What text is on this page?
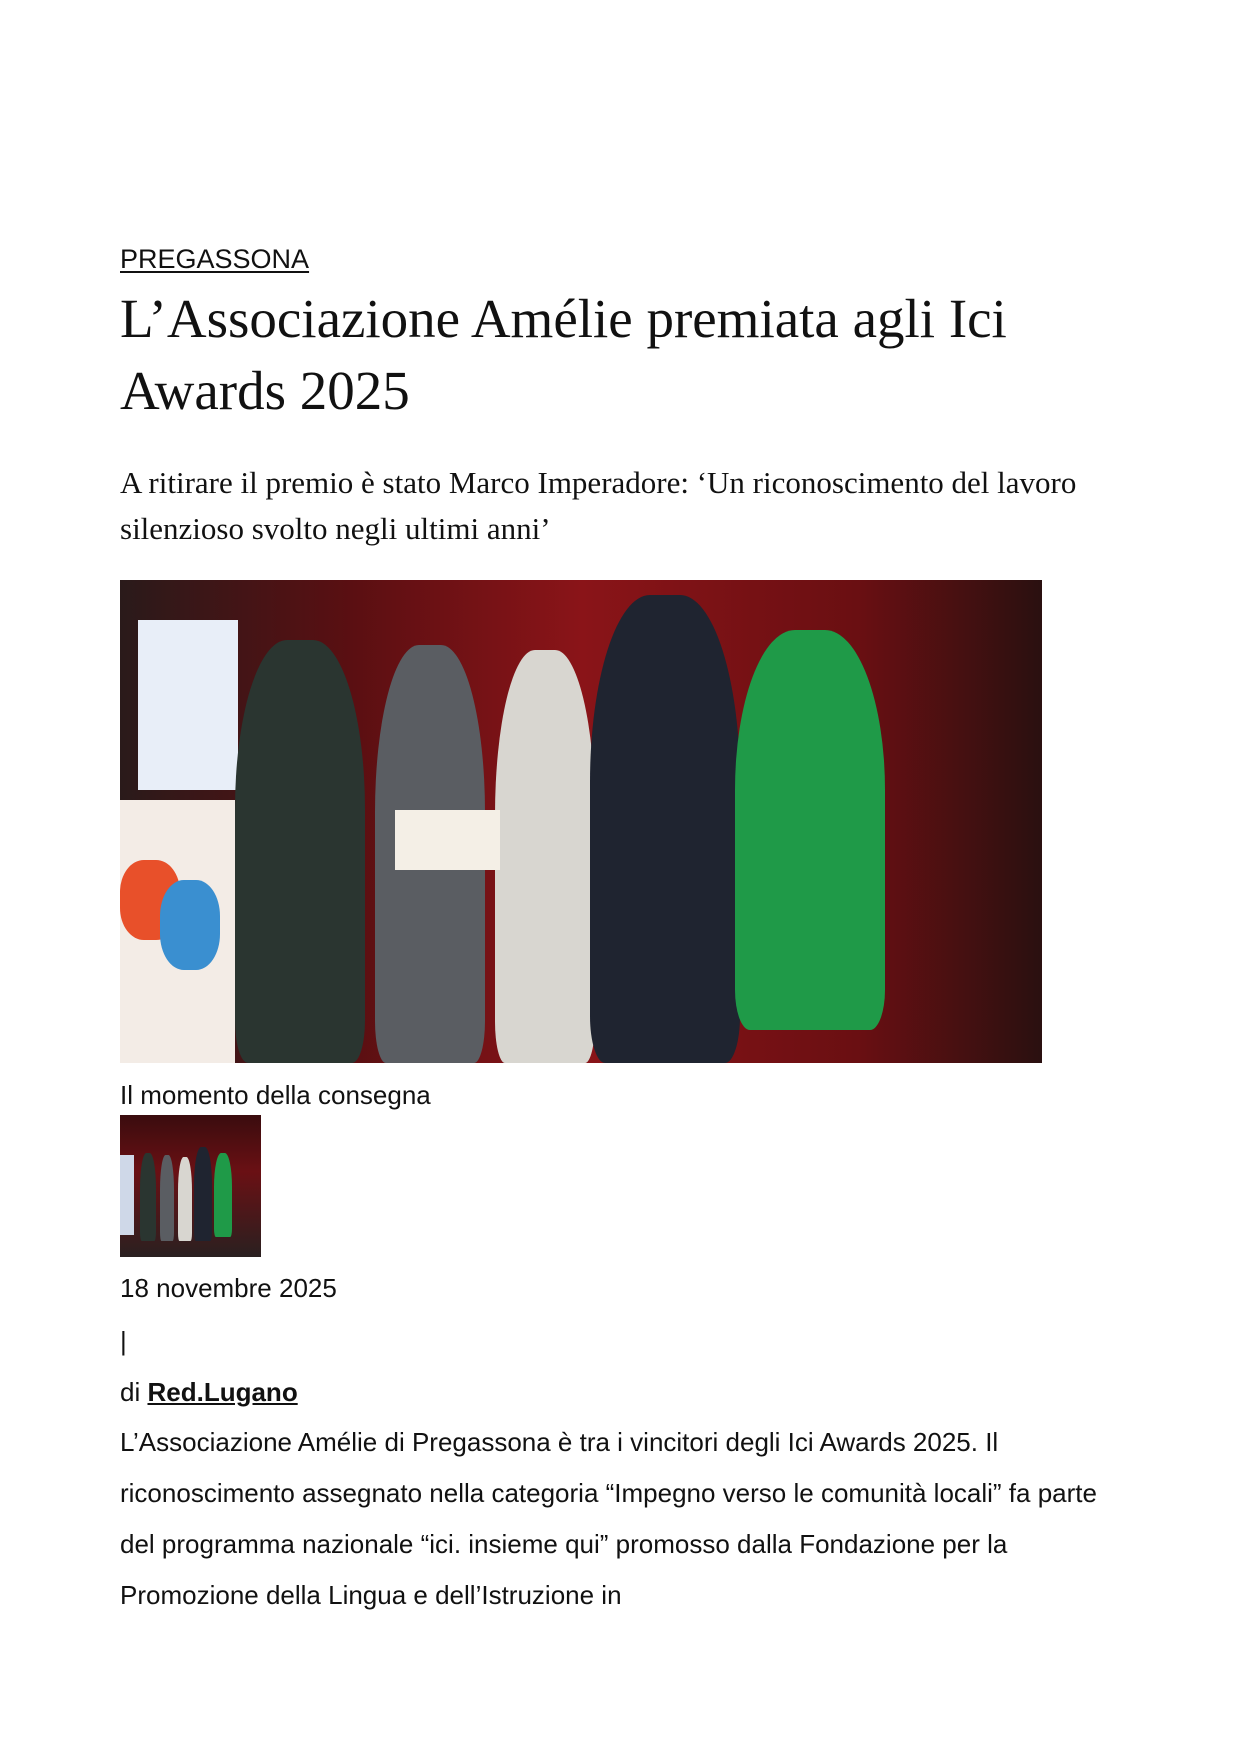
PREGASSONA
L’Associazione Amélie premiata agli Ici Awards 2025

A ritirare il premio è stato Marco Imperadore: ‘Un riconoscimento del lavoro silenzioso svolto negli ultimi anni’

Il momento della consegna
18 novembre 2025
|
di Red.Lugano

L’Associazione Amélie di Pregassona è tra i vincitori degli Ici Awards 2025. Il riconoscimento assegnato nella categoria “Impegno verso le comunità locali” fa parte del programma nazionale “ici. insieme qui” promosso dalla Fondazione per la Promozione della Lingua e dell’Istruzione in
